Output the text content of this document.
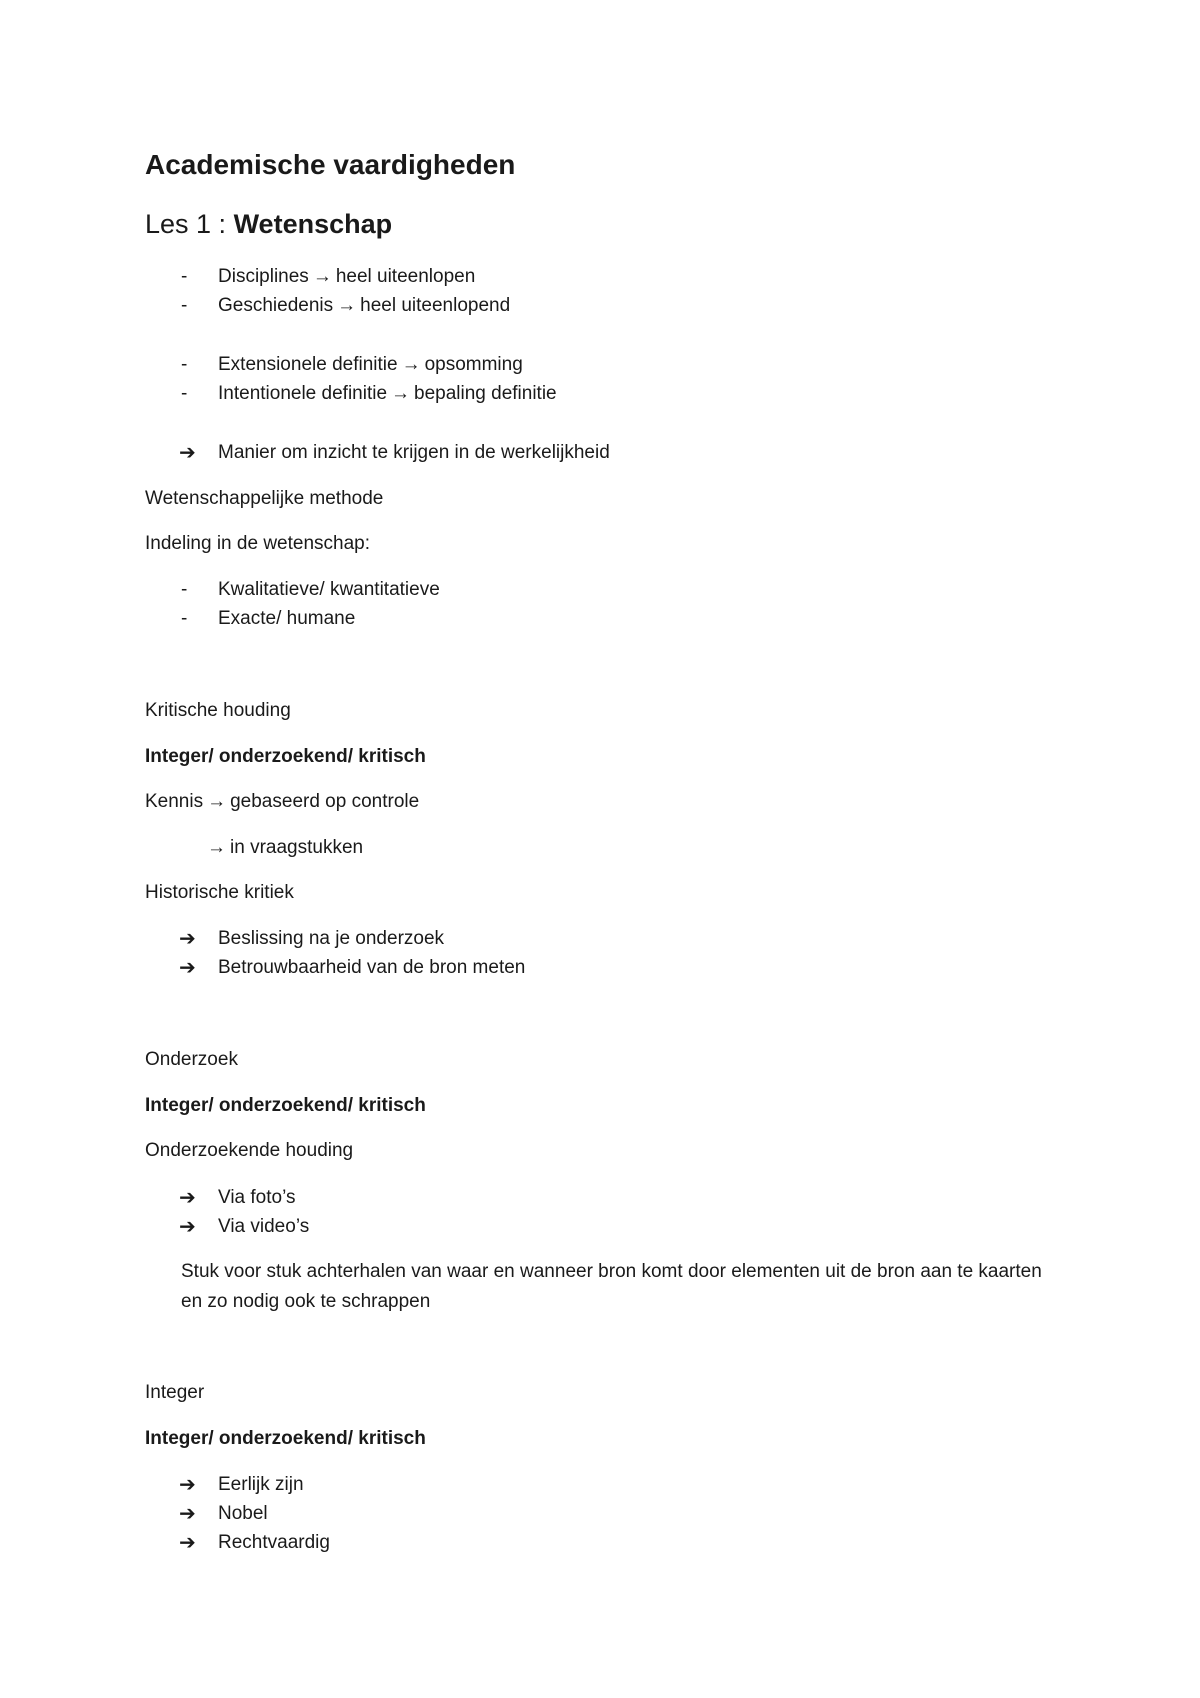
Academische vaardigheden
Les 1 : Wetenschap
- Disciplines → heel uiteenlopen
- Geschiedenis → heel uiteenlopend
- Extensionele definitie → opsomming
- Intentionele definitie → bepaling definitie
➔ Manier om inzicht te krijgen in de werkelijkheid
Wetenschappelijke methode
Indeling in de wetenschap:
- Kwalitatieve/ kwantitatieve
- Exacte/ humane
Kritische houding
Integer/ onderzoekend/ kritisch
Kennis → gebaseerd op controle
→ in vraagstukken
Historische kritiek
➔ Beslissing na je onderzoek
➔ Betrouwbaarheid van de bron meten
Onderzoek
Integer/ onderzoekend/ kritisch
Onderzoekende houding
➔ Via foto’s
➔ Via video’s
Stuk voor stuk achterhalen van waar en wanneer bron komt door elementen uit de bron aan te kaarten en zo nodig ook te schrappen
Integer
Integer/ onderzoekend/ kritisch
➔ Eerlijk zijn
➔ Nobel
➔ Rechtvaardig
